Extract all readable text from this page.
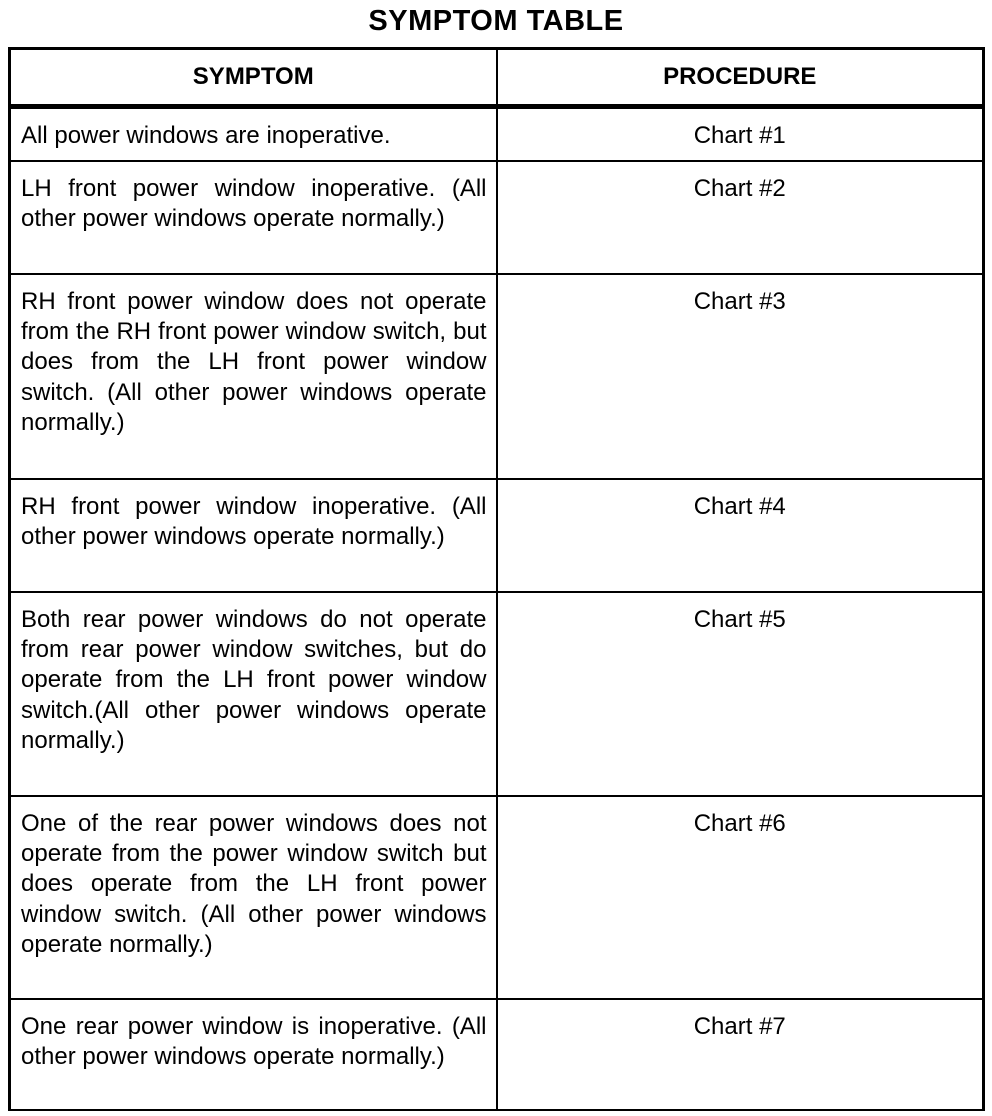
SYMPTOM TABLE
SYMPTOM	PROCEDURE
All power windows are inoperative.	Chart #1
LH front power window inoperative. (All other power windows operate normally.)	Chart #2
RH front power window does not operate from the RH front power window switch, but does from the LH front power window switch. (All other power windows operate normally.)	Chart #3
RH front power window inoperative. (All other power windows operate normally.)	Chart #4
Both rear power windows do not operate from rear power window switches, but do operate from the LH front power window switch.(All other power windows operate normally.)	Chart #5
One of the rear power windows does not operate from the power window switch but does operate from the LH front power window switch. (All other power windows operate normally.)	Chart #6
One rear power window is inoperative. (All other power windows operate normally.)	Chart #7
